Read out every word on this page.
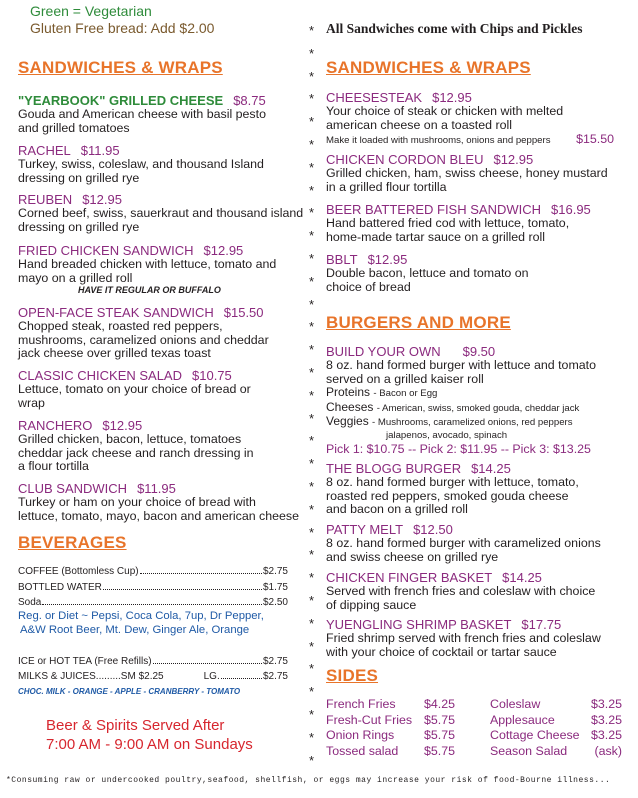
Green = Vegetarian
Gluten Free bread: Add $2.00	All Sandwiches come with Chips and Pickles
*
*
*
*
*
*
*
*
*
*
*
*
*
*
*
*
*
*
*
*
*
*
*
*
*
*
*
*
*
*
*
*
*
SANDWICHES & WRAPS
"YEARBOOK" GRILLED CHEESE $8.75
Gouda and American cheese with basil pesto
and grilled tomatoes
RACHEL $11.95
Turkey, swiss, coleslaw, and thousand Island
dressing on grilled rye
REUBEN $12.95
Corned beef, swiss, sauerkraut and thousand island
dressing on grilled rye
FRIED CHICKEN SANDWICH $12.95
Hand breaded chicken with lettuce, tomato and
mayo on a grilled roll
HAVE IT REGULAR OR BUFFALO
OPEN-FACE STEAK SANDWICH $15.50
Chopped steak, roasted red peppers,
mushrooms, caramelized onions and cheddar
jack cheese over grilled texas toast
CLASSIC CHICKEN SALAD $10.75
Lettuce, tomato on your choice of bread or
wrap
RANCHERO $12.95
Grilled chicken, bacon, lettuce, tomatoes
cheddar jack cheese and ranch dressing in
a flour tortilla
CLUB SANDWICH $11.95
Turkey or ham on your choice of bread with
lettuce, tomato, mayo, bacon and american cheese
BEVERAGES
COFFEE (Bottomless Cup)	$2.75
BOTTLED WATER	$1.75
Soda	$2.50
Reg. or Diet ~ Pepsi, Coca Cola, 7up, Dr Pepper,
A&W Root Beer, Mt. Dew, Ginger Ale, Orange
ICE or HOT TEA (Free Refills)	$2.75
MILKS & JUICES.........SM $2.25	LG.	$2.75
CHOC. MILK - ORANGE - APPLE - CRANBERRY - TOMATO
Beer & Spirits Served After
7:00 AM - 9:00 AM on Sundays
SANDWICHES & WRAPS
CHEESESTEAK $12.95
Your choice of steak or chicken with melted
american cheese on a toasted roll
Make it loaded with mushrooms, onions and peppers $15.50
CHICKEN CORDON BLEU $12.95
Grilled chicken, ham, swiss cheese, honey mustard
in a grilled flour tortilla
BEER BATTERED FISH SANDWICH $16.95
Hand battered fried cod with lettuce, tomato,
home-made tartar sauce on a grilled roll
BBLT $12.95
Double bacon, lettuce and tomato on
choice of bread
BURGERS AND MORE
BUILD YOUR OWN $9.50
8 oz. hand formed burger with lettuce and tomato
served on a grilled kaiser roll
Proteins - Bacon or Egg
Cheeses - American, swiss, smoked gouda, cheddar jack
Veggies - Mushrooms, caramelized onions, red peppers
jalapenos, avocado, spinach
Pick 1: $10.75 -- Pick 2: $11.95 -- Pick 3: $13.25
THE BLOGG BURGER $14.25
8 oz. hand formed burger with lettuce, tomato,
roasted red peppers, smoked gouda cheese
and bacon on a grilled roll
PATTY MELT $12.50
8 oz. hand formed burger with caramelized onions
and swiss cheese on grilled rye
CHICKEN FINGER BASKET $14.25
Served with french fries and coleslaw with choice
of dipping sauce
YUENGLING SHRIMP BASKET $17.75
Fried shrimp served with french fries and coleslaw
with your choice of cocktail or tartar sauce
SIDES
French Fries	$4.25	Coleslaw	$3.25
Fresh-Cut Fries $5.75	Applesauce	$3.25
Onion Rings	$5.75	Cottage Cheese $3.25
Tossed salad	$5.75	Season Salad	(ask)
*Consuming raw or undercooked poultry,seafood, shellfish, or eggs may increase your risk of food-Bourne illness...
